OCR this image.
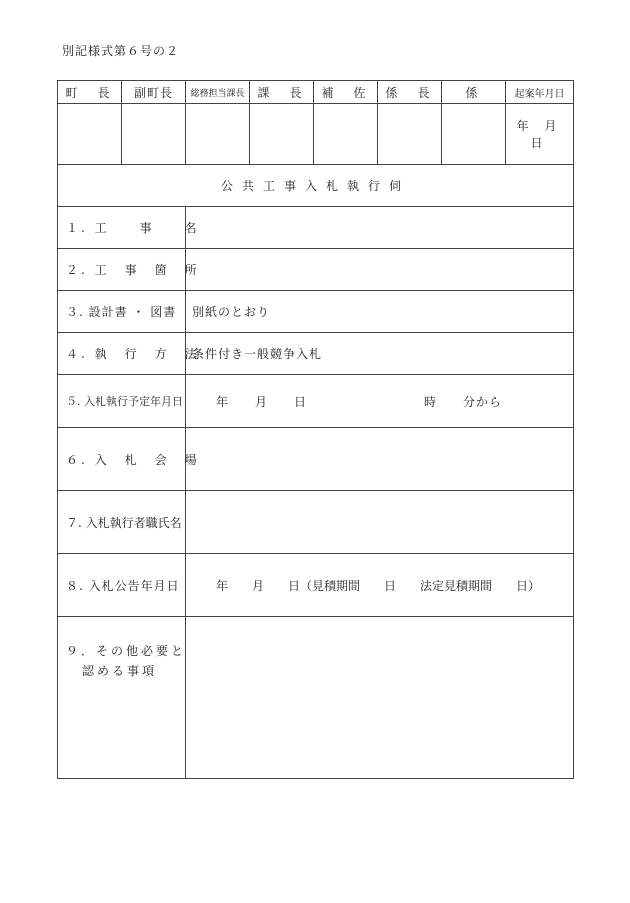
別記様式第６号の２
町　長	副町長	総務担当課長	課　長	補　佐	係　長	係	起案年月日
							年 月 日
公共工事入札執行伺							
１. 工　　事　　名							
２. 工　事　箇　所							
３. 設計書 ・ 図書		別紙のとおり					
４. 執　行　方　法		条件付き一般競争入札					
５. 入札執行予定年月日		年　　月　　日　　　　　　　　　時　　分から					
６. 入　札　会　場							
７. 入札執行者職氏名							
８. 入札公告年月日		年　　月　　日（見積期間　　日　　法定見積期間　　日）					
９．その他必要と
認める事項							
